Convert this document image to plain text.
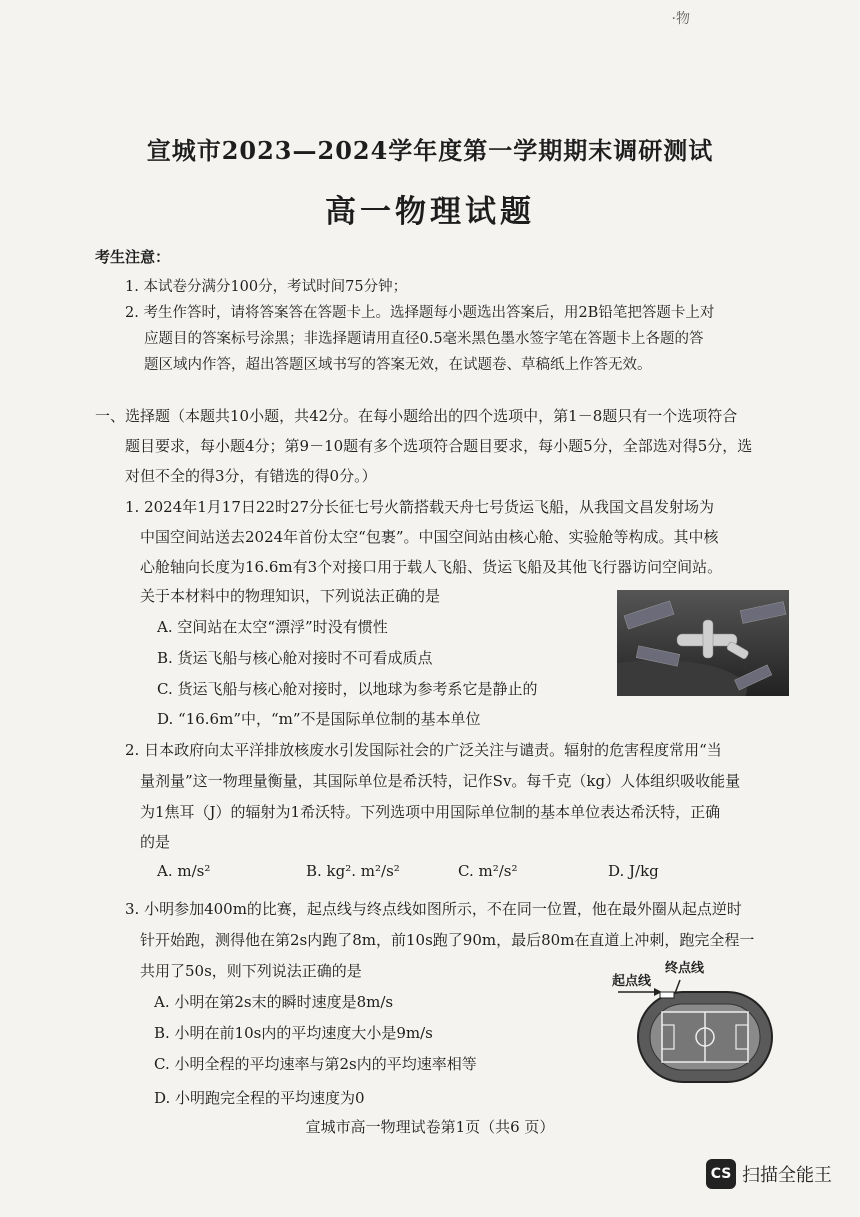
·物
宣城市2023—2024学年度第一学期期末调研测试
高一物理试题
考生注意：
1. 本试卷分满分100分，考试时间75分钟；
2. 考生作答时，请将答案答在答题卡上。选择题每小题选出答案后，用2B铅笔把答题卡上对
应题目的答案标号涂黑；非选择题请用直径0.5毫米黑色墨水签字笔在答题卡上各题的答
题区域内作答，超出答题区域书写的答案无效，在试题卷、草稿纸上作答无效。
一、选择题（本题共10小题，共42分。在每小题给出的四个选项中，第1－8题只有一个选项符合
题目要求，每小题4分；第9－10题有多个选项符合题目要求，每小题5分，全部选对得5分，选
对但不全的得3分，有错选的得0分。）
1. 2024年1月17日22时27分长征七号火箭搭载天舟七号货运飞船，从我国文昌发射场为
中国空间站送去2024年首份太空“包裹”。中国空间站由核心舱、实验舱等构成。其中核
心舱轴向长度为16.6m有3个对接口用于载人飞船、货运飞船及其他飞行器访问空间站。
关于本材料中的物理知识，下列说法正确的是
A. 空间站在太空“漂浮”时没有惯性
B. 货运飞船与核心舱对接时不可看成质点
C. 货运飞船与核心舱对接时，以地球为参考系它是静止的
D. “16.6m”中，“m”不是国际单位制的基本单位
2. 日本政府向太平洋排放核废水引发国际社会的广泛关注与谴责。辐射的危害程度常用“当
量剂量”这一物理量衡量，其国际单位是希沃特，记作Sv。每千克（kg）人体组织吸收能量
为1焦耳（J）的辐射为1希沃特。下列选项中用国际单位制的基本单位表达希沃特，正确
的是
A. m/s²	B. kg². m²/s²	C. m²/s²	D. J/kg
3. 小明参加400m的比赛，起点线与终点线如图所示，不在同一位置，他在最外圈从起点逆时
针开始跑，测得他在第2s内跑了8m，前10s跑了90m，最后80m在直道上冲刺，跑完全程一
共用了50s，则下列说法正确的是
A. 小明在第2s末的瞬时速度是8m/s
B. 小明在前10s内的平均速度大小是9m/s
C. 小明全程的平均速率与第2s内的平均速率相等
D. 小明跑完全程的平均速度为0
起点线
终点线
宣城市高一物理试卷第1页（共6 页）
CS 扫描全能王
